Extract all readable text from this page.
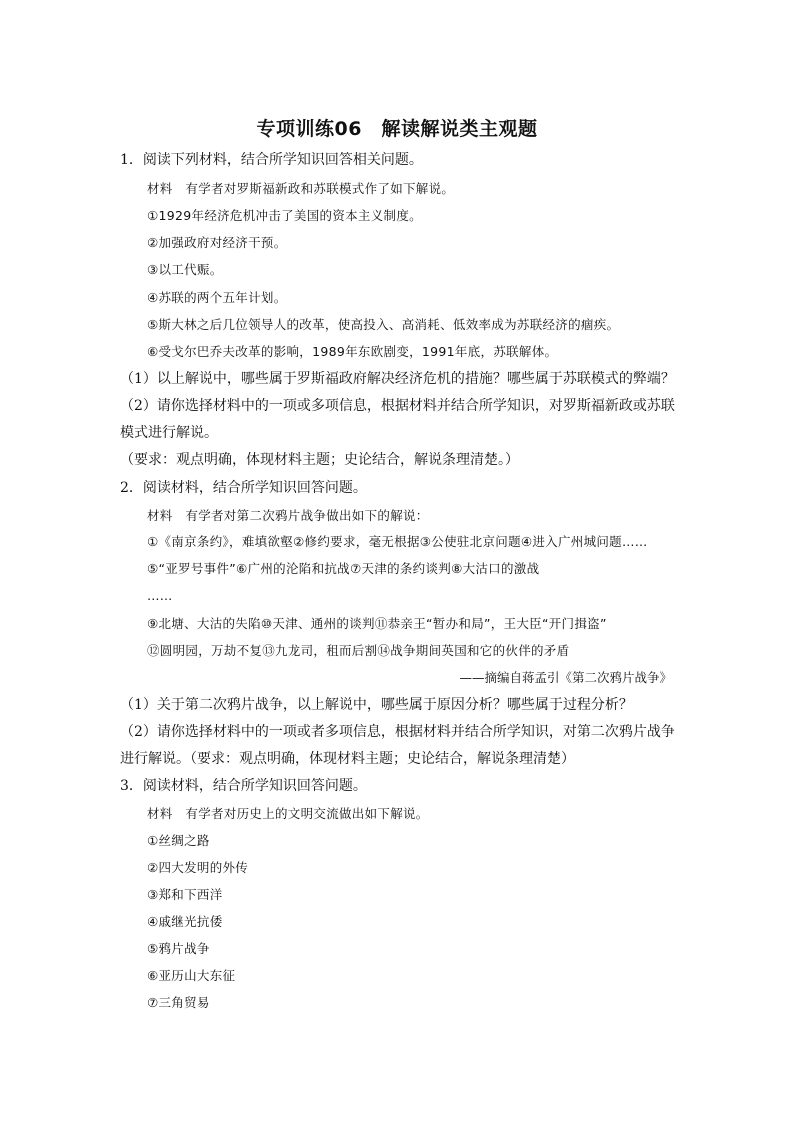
专项训练06　解读解说类主观题
1．阅读下列材料，结合所学知识回答相关问题。
材料　有学者对罗斯福新政和苏联模式作了如下解说。
①1929年经济危机冲击了美国的资本主义制度。
②加强政府对经济干预。
③以工代赈。
④苏联的两个五年计划。
⑤斯大林之后几位领导人的改革，使高投入、高消耗、低效率成为苏联经济的痼疾。
⑥受戈尔巴乔夫改革的影响，1989年东欧剧变，1991年底，苏联解体。
（1）以上解说中，哪些属于罗斯福政府解决经济危机的措施？哪些属于苏联模式的弊端？
（2）请你选择材料中的一项或多项信息，根据材料并结合所学知识，对罗斯福新政或苏联
模式进行解说。
（要求：观点明确，体现材料主题；史论结合，解说条理清楚。）
2．阅读材料，结合所学知识回答问题。
材料　有学者对第二次鸦片战争做出如下的解说：
①《南京条约》，难填欲壑②修约要求，毫无根据③公使驻北京问题④进入广州城问题……
⑤“亚罗号事件”⑥广州的沦陷和抗战⑦天津的条约谈判⑧大沽口的激战
……
⑨北塘、大沽的失陷⑩天津、通州的谈判⑪恭亲王“暂办和局”，王大臣“开门揖盗”
⑫圆明园，万劫不复⑬九龙司，租而后割⑭战争期间英国和它的伙伴的矛盾
——摘编自蒋孟引《第二次鸦片战争》
（1）关于第二次鸦片战争，以上解说中，哪些属于原因分析？哪些属于过程分析？
（2）请你选择材料中的一项或者多项信息，根据材料并结合所学知识，对第二次鸦片战争
进行解说。（要求：观点明确，体现材料主题；史论结合，解说条理清楚）
3．阅读材料，结合所学知识回答问题。
材料　有学者对历史上的文明交流做出如下解说。
①丝绸之路
②四大发明的外传
③郑和下西洋
④戚继光抗倭
⑤鸦片战争
⑥亚历山大东征
⑦三角贸易
